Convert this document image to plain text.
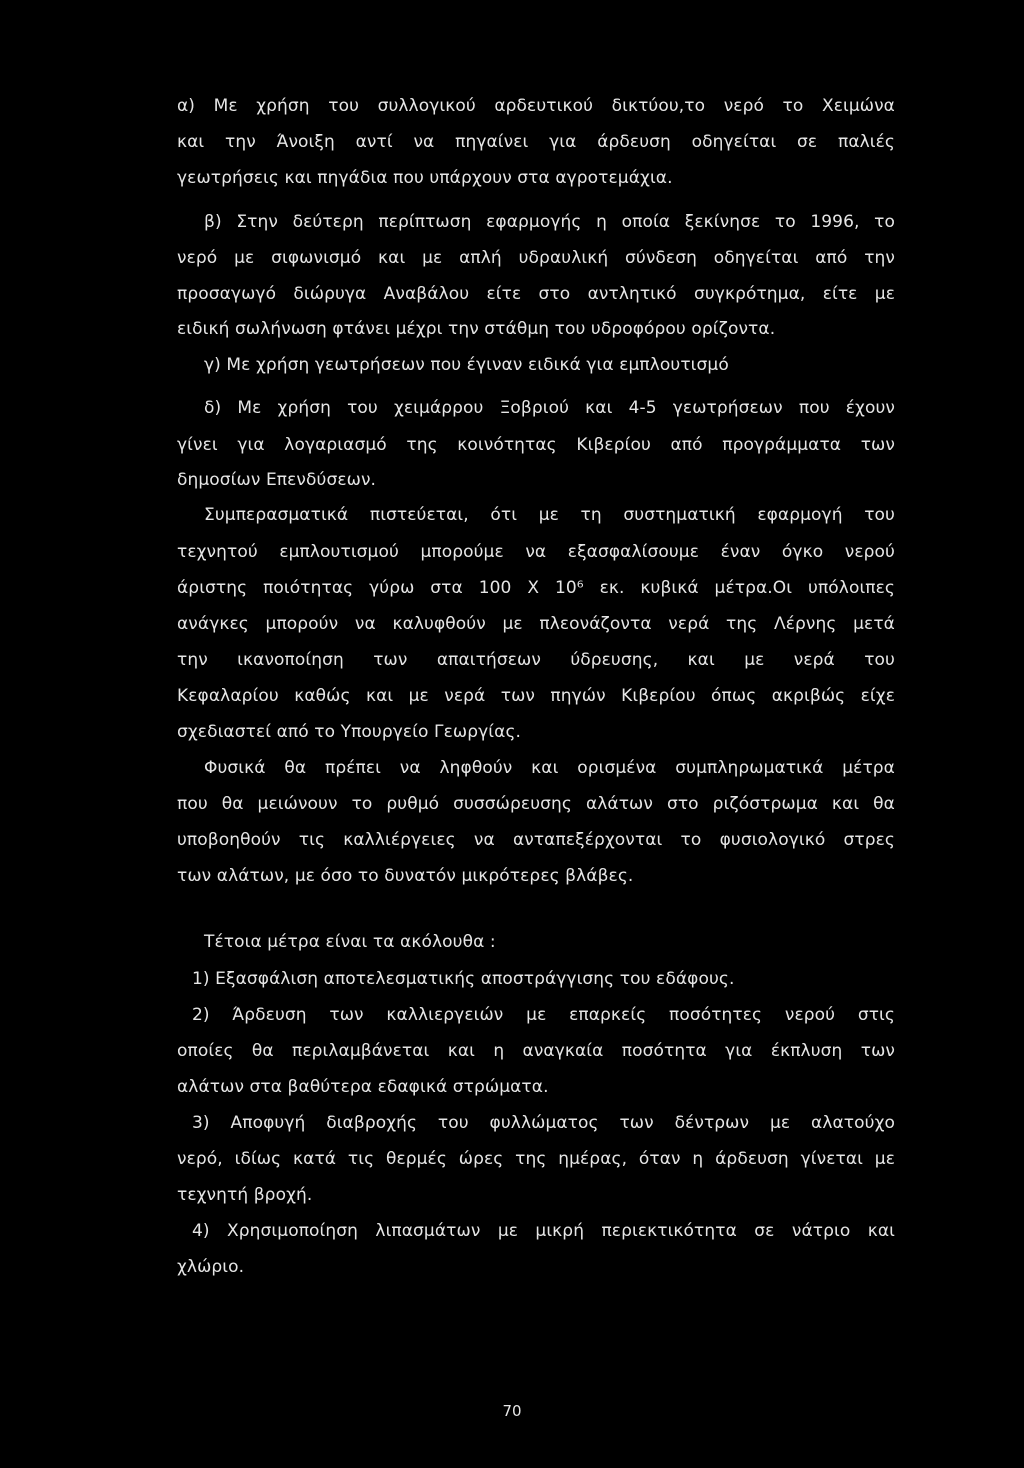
α) Με χρήση του συλλογικού αρδευτικού δικτύου,το νερό το Χειμώνα
και την Άνοιξη αντί να πηγαίνει για άρδευση οδηγείται σε παλιές
γεωτρήσεις και πηγάδια που υπάρχουν στα αγροτεμάχια.
β) Στην δεύτερη περίπτωση εφαρμογής η οποία ξεκίνησε το 1996, το
νερό με σιφωνισμό και με απλή υδραυλική σύνδεση οδηγείται από την
προσαγωγό διώρυγα Αναβάλου είτε στο αντλητικό συγκρότημα, είτε με
ειδική σωλήνωση φτάνει μέχρι την στάθμη του υδροφόρου ορίζοντα.
γ) Με χρήση γεωτρήσεων που έγιναν ειδικά για εμπλουτισμό
δ) Με χρήση του χειμάρρου Ξοβριού και 4-5 γεωτρήσεων που έχουν
γίνει για λογαριασμό της κοινότητας Κιβερίου από προγράμματα των
δημοσίων Επενδύσεων.
Συμπερασματικά πιστεύεται, ότι με τη συστηματική εφαρμογή του
τεχνητού εμπλουτισμού μπορούμε να εξασφαλίσουμε έναν όγκο νερού
άριστης ποιότητας γύρω στα 100 Χ 10⁶ εκ. κυβικά μέτρα.Οι υπόλοιπες
ανάγκες μπορούν να καλυφθούν με πλεονάζοντα νερά της Λέρνης μετά
την ικανοποίηση των απαιτήσεων ύδρευσης, και με νερά του
Κεφαλαρίου καθώς και με νερά των πηγών Κιβερίου όπως ακριβώς είχε
σχεδιαστεί από το Υπουργείο Γεωργίας.
Φυσικά θα πρέπει να ληφθούν και ορισμένα συμπληρωματικά μέτρα
που θα μειώνουν το ρυθμό συσσώρευσης αλάτων στο ριζόστρωμα και θα
υποβοηθούν τις καλλιέργειες να ανταπεξέρχονται το φυσιολογικό στρες
των αλάτων, με όσο το δυνατόν μικρότερες βλάβες.
Τέτοια μέτρα είναι τα ακόλουθα :
1) Εξασφάλιση αποτελεσματικής αποστράγγισης του εδάφους.
2) Άρδευση των καλλιεργειών με επαρκείς ποσότητες νερού στις
οποίες θα περιλαμβάνεται και η αναγκαία ποσότητα για έκπλυση των
αλάτων στα βαθύτερα εδαφικά στρώματα.
3) Αποφυγή διαβροχής του φυλλώματος των δέντρων με αλατούχο
νερό, ιδίως κατά τις θερμές ώρες της ημέρας, όταν η άρδευση γίνεται με
τεχνητή βροχή.
4) Χρησιμοποίηση λιπασμάτων με μικρή περιεκτικότητα σε νάτριο και
χλώριο.
70
